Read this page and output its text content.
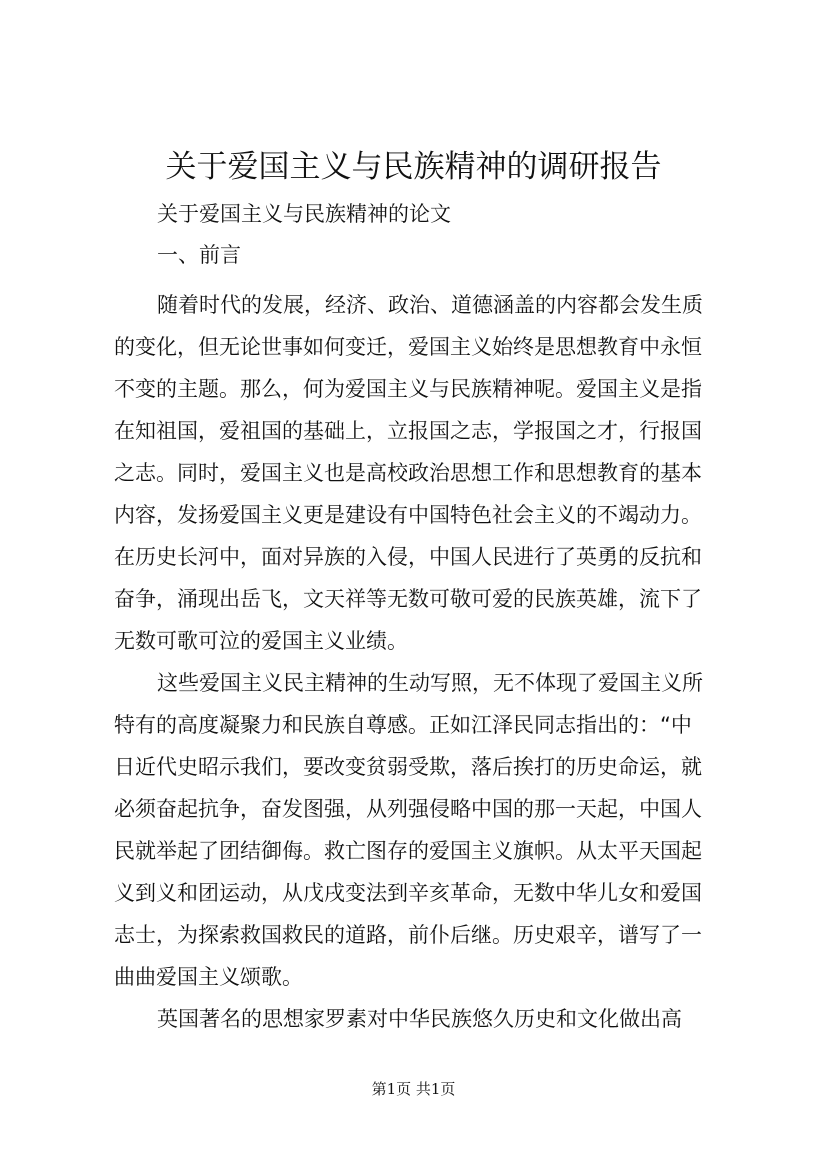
关于爱国主义与民族精神的调研报告
关于爱国主义与民族精神的论文
一、前言
随着时代的发展，经济、政治、道德涵盖的内容都会发生质
的变化，但无论世事如何变迁，爱国主义始终是思想教育中永恒
不变的主题。那么，何为爱国主义与民族精神呢。爱国主义是指
在知祖国，爱祖国的基础上，立报国之志，学报国之才，行报国
之志。同时，爱国主义也是高校政治思想工作和思想教育的基本
内容，发扬爱国主义更是建设有中国特色社会主义的不竭动力。
在历史长河中，面对异族的入侵，中国人民进行了英勇的反抗和
奋争，涌现出岳飞，文天祥等无数可敬可爱的民族英雄，流下了
无数可歌可泣的爱国主义业绩。
这些爱国主义民主精神的生动写照，无不体现了爱国主义所
特有的高度凝聚力和民族自尊感。正如江泽民同志指出的：“中
日近代史昭示我们，要改变贫弱受欺，落后挨打的历史命运，就
必须奋起抗争，奋发图强，从列强侵略中国的那一天起，中国人
民就举起了团结御侮。救亡图存的爱国主义旗帜。从太平天国起
义到义和团运动，从戊戌变法到辛亥革命，无数中华儿女和爱国
志士，为探索救国救民的道路，前仆后继。历史艰辛，谱写了一
曲曲爱国主义颂歌。
英国著名的思想家罗素对中华民族悠久历史和文化做出高
第1页 共1页
